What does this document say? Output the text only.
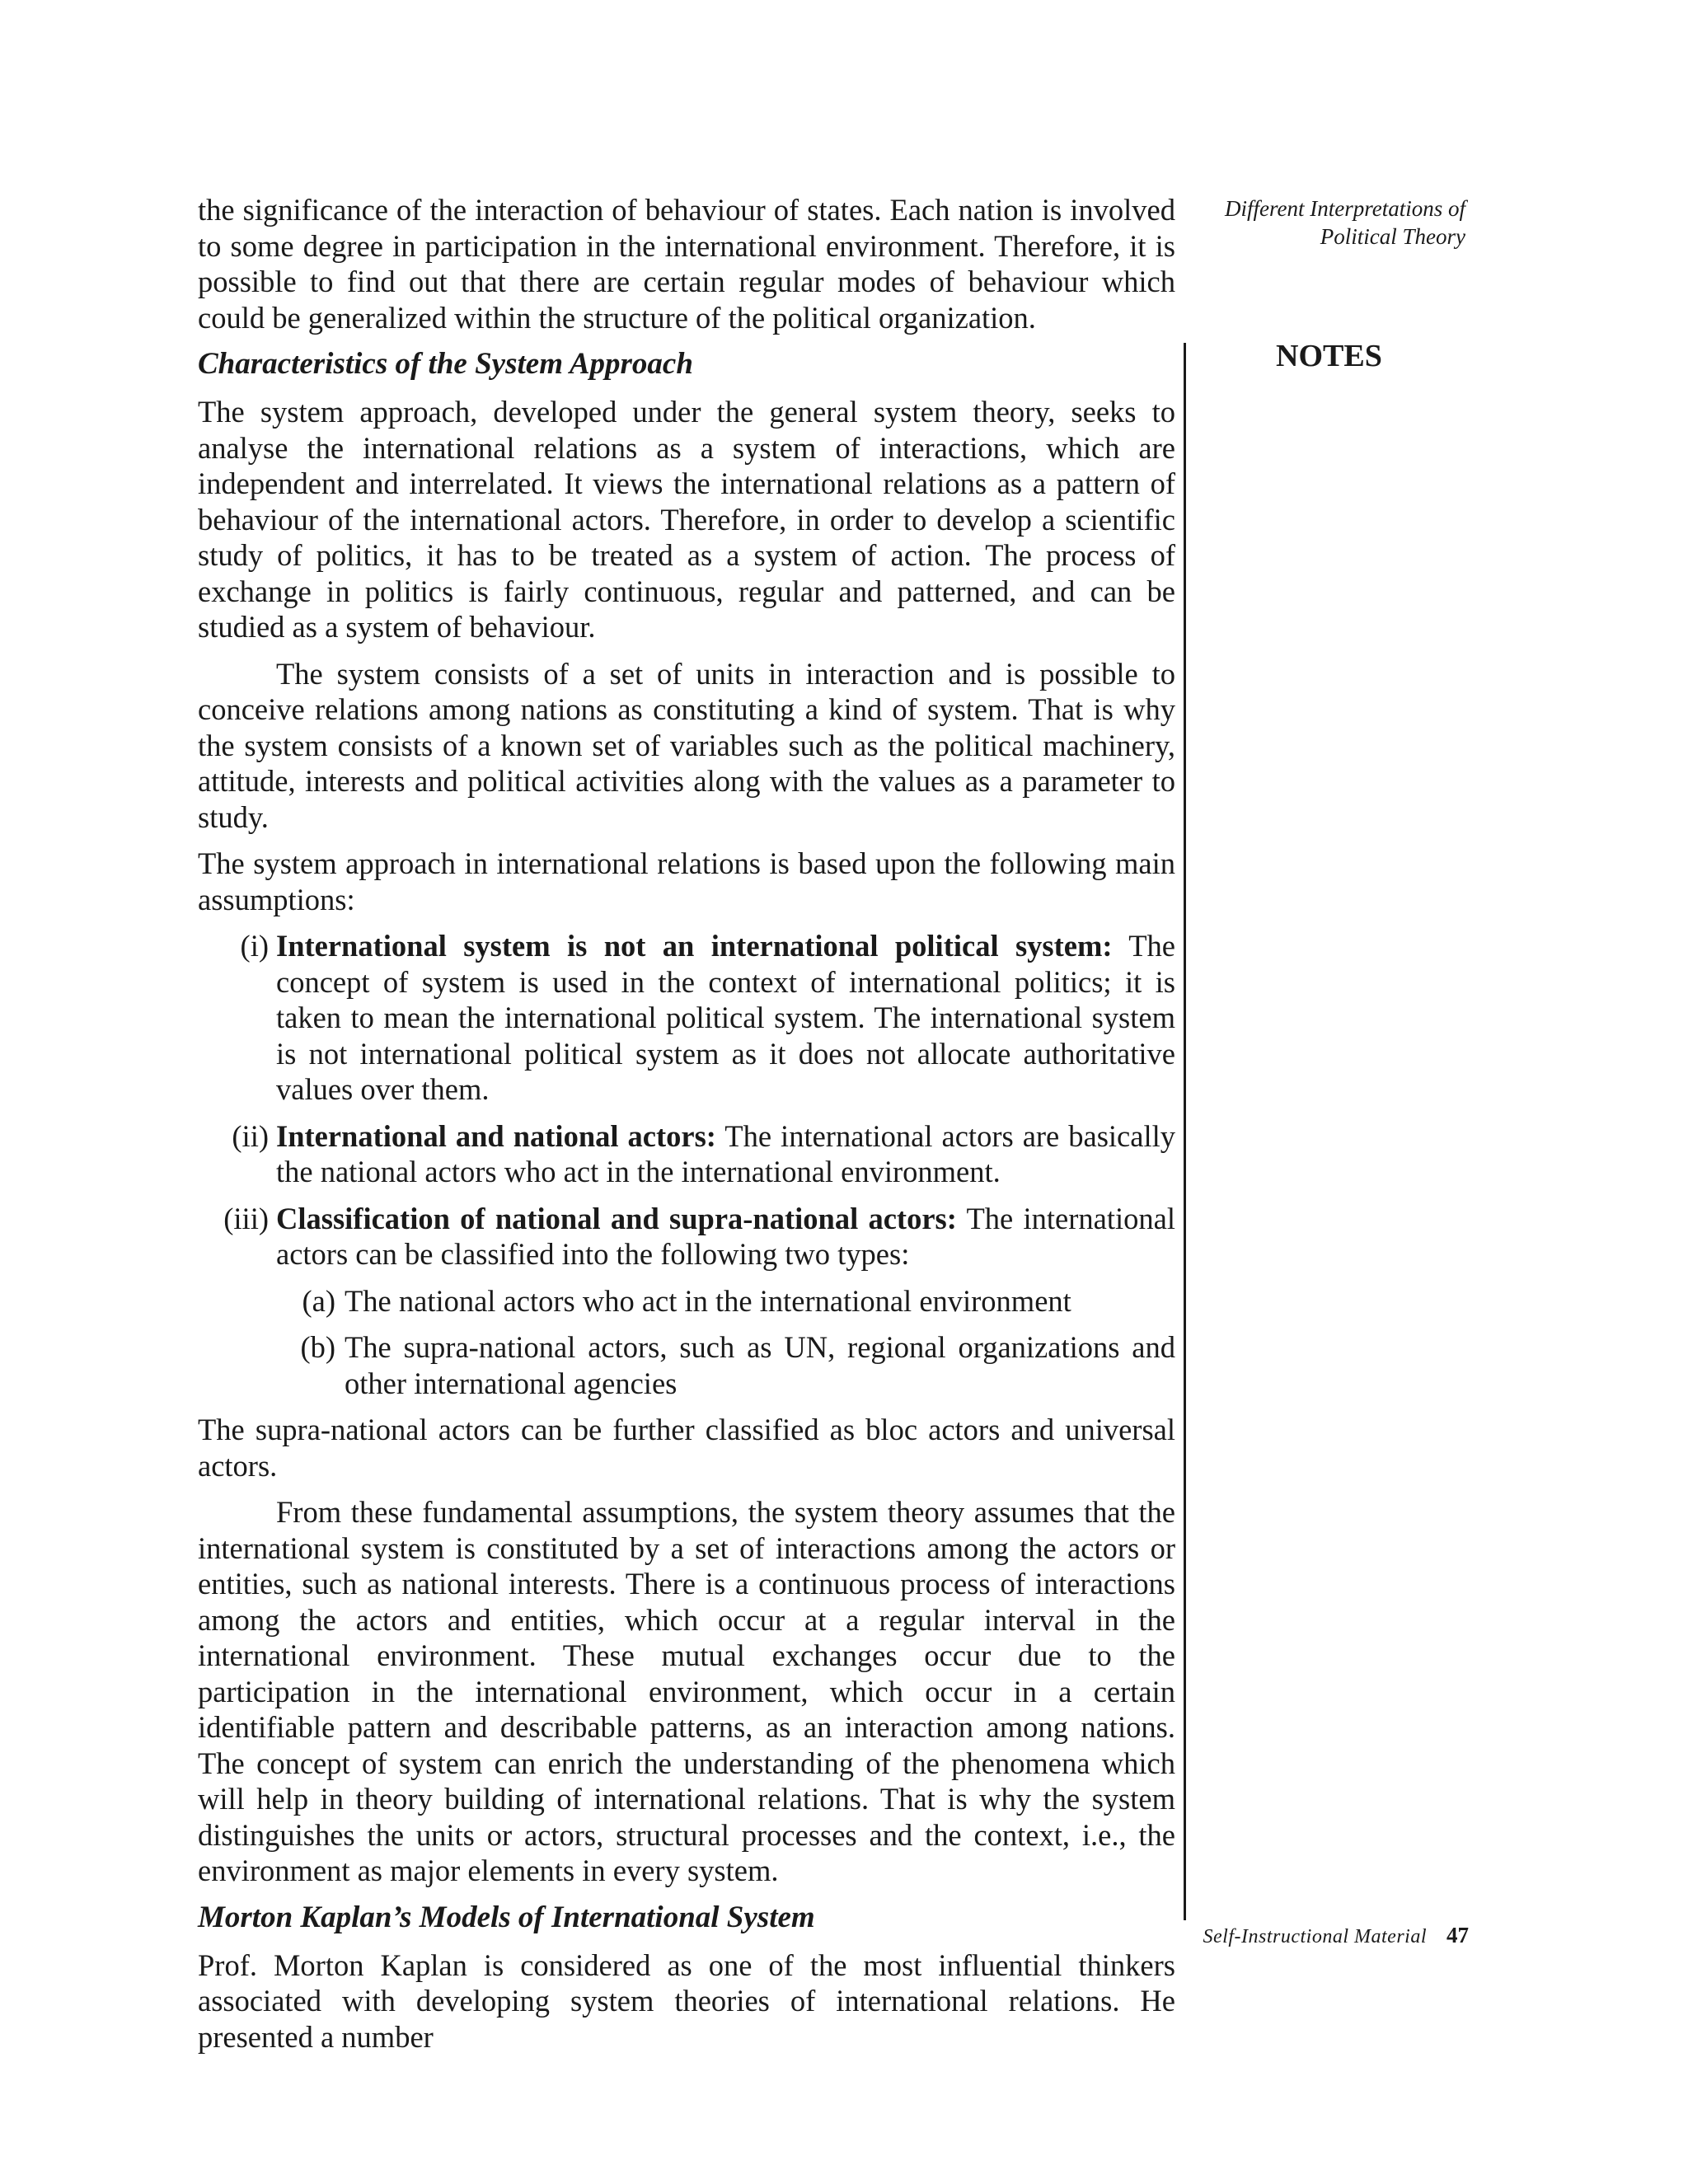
Different Interpretations of
Political Theory
NOTES

the significance of the interaction of behaviour of states. Each nation is involved to some degree in participation in the international environment. Therefore, it is possible to find out that there are certain regular modes of behaviour which could be generalized within the structure of the political organization.

Characteristics of the System Approach

The system approach, developed under the general system theory, seeks to analyse the international relations as a system of interactions, which are independent and interrelated. It views the international relations as a pattern of behaviour of the international actors. Therefore, in order to develop a scientific study of politics, it has to be treated as a system of action. The process of exchange in politics is fairly continuous, regular and patterned, and can be studied as a system of behaviour.

The system consists of a set of units in interaction and is possible to conceive relations among nations as constituting a kind of system. That is why the system consists of a known set of variables such as the political machinery, attitude, interests and political activities along with the values as a parameter to study.

The system approach in international relations is based upon the following main assumptions:

(i) International system is not an international political system: The concept of system is used in the context of international politics; it is taken to mean the international political system. The international system is not international political system as it does not allocate authoritative values over them.
(ii) International and national actors: The international actors are basically the national actors who act in the international environment.
(iii) Classification of national and supra-national actors: The international actors can be classified into the following two types:
(a) The national actors who act in the international environment
(b) The supra-national actors, such as UN, regional organizations and other international agencies

The supra-national actors can be further classified as bloc actors and universal actors.

From these fundamental assumptions, the system theory assumes that the international system is constituted by a set of interactions among the actors or entities, such as national interests. There is a continuous process of interactions among the actors and entities, which occur at a regular interval in the international environment. These mutual exchanges occur due to the participation in the international environment, which occur in a certain identifiable pattern and describable patterns, as an interaction among nations. The concept of system can enrich the understanding of the phenomena which will help in theory building of international relations. That is why the system distinguishes the units or actors, structural processes and the context, i.e., the environment as major elements in every system.

Morton Kaplan’s Models of International System

Prof. Morton Kaplan is considered as one of the most influential thinkers associated with developing system theories of international relations. He presented a number

Self-Instructional Material 47
